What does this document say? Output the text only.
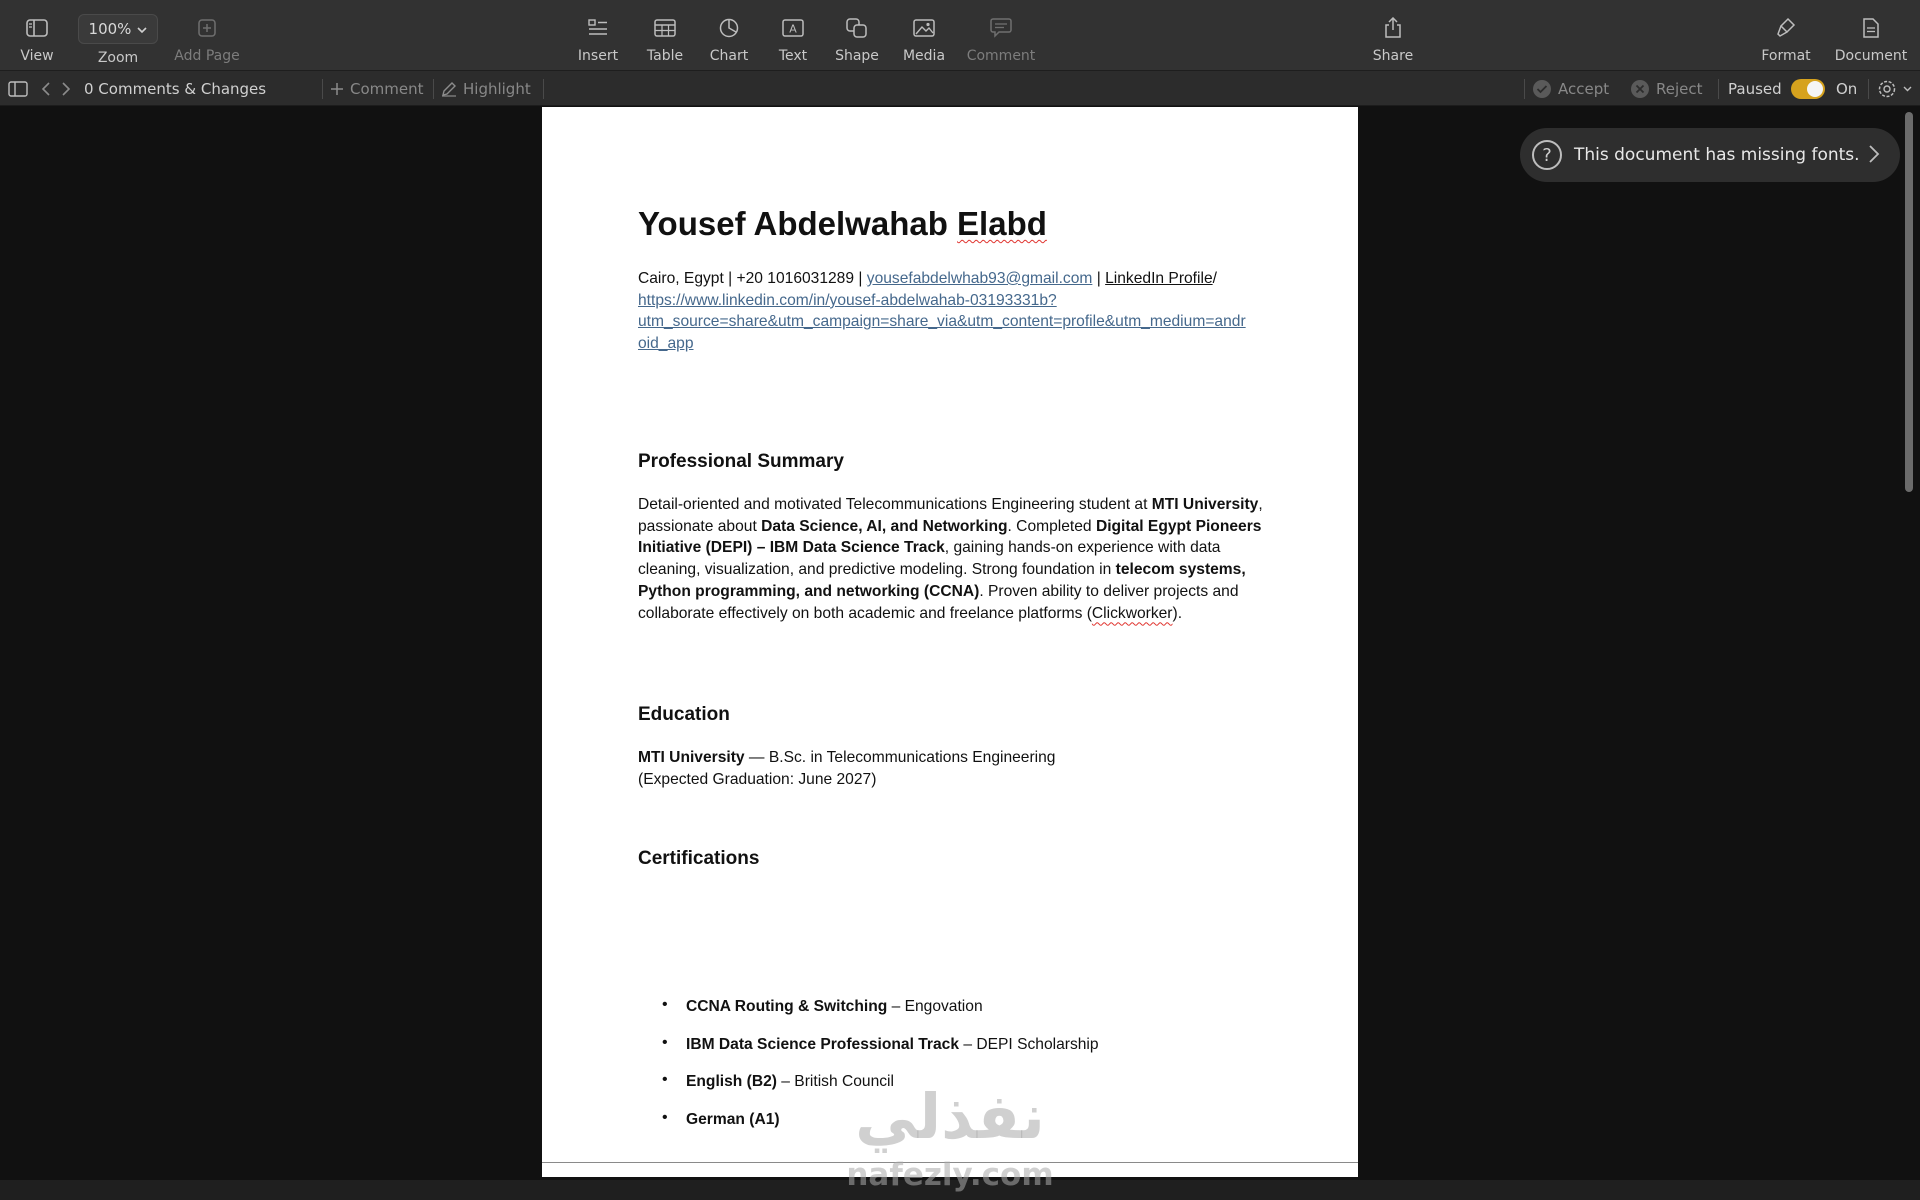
View
100%
Zoom	Add Page	Insert Table Chart
A
Text Shape Media Comment	Share	Format Document
0 Comments & Changes	Comment	Highlight	Accept	Reject Paused	On
Yousef Abdelwahab Elabd
Cairo, Egypt | +20 1016031289 | yousefabdelwhab93@gmail.com | LinkedIn Profile/
https://www.linkedin.com/in/yousef-abdelwahab-03193331b?
utm_source=share&utm_campaign=share_via&utm_content=profile&utm_medium=andr
oid_app
Professional Summary
Detail-oriented and motivated Telecommunications Engineering student at MTI University, passionate about Data Science, AI, and Networking. Completed Digital Egypt Pioneers Initiative (DEPI) – IBM Data Science Track, gaining hands-on experience with data cleaning, visualization, and predictive modeling. Strong foundation in telecom systems, Python programming, and networking (CCNA). Proven ability to deliver projects and collaborate effectively on both academic and freelance platforms (Clickworker).
Education
MTI University — B.Sc. in Telecommunications Engineering
(Expected Graduation: June 2027)
Certifications
• CCNA Routing & Switching – Engovation
• IBM Data Science Professional Track – DEPI Scholarship
• English (B2) – British Council
• German (A1)
?	This document has missing fonts.
نفذلي
nafezly.com
